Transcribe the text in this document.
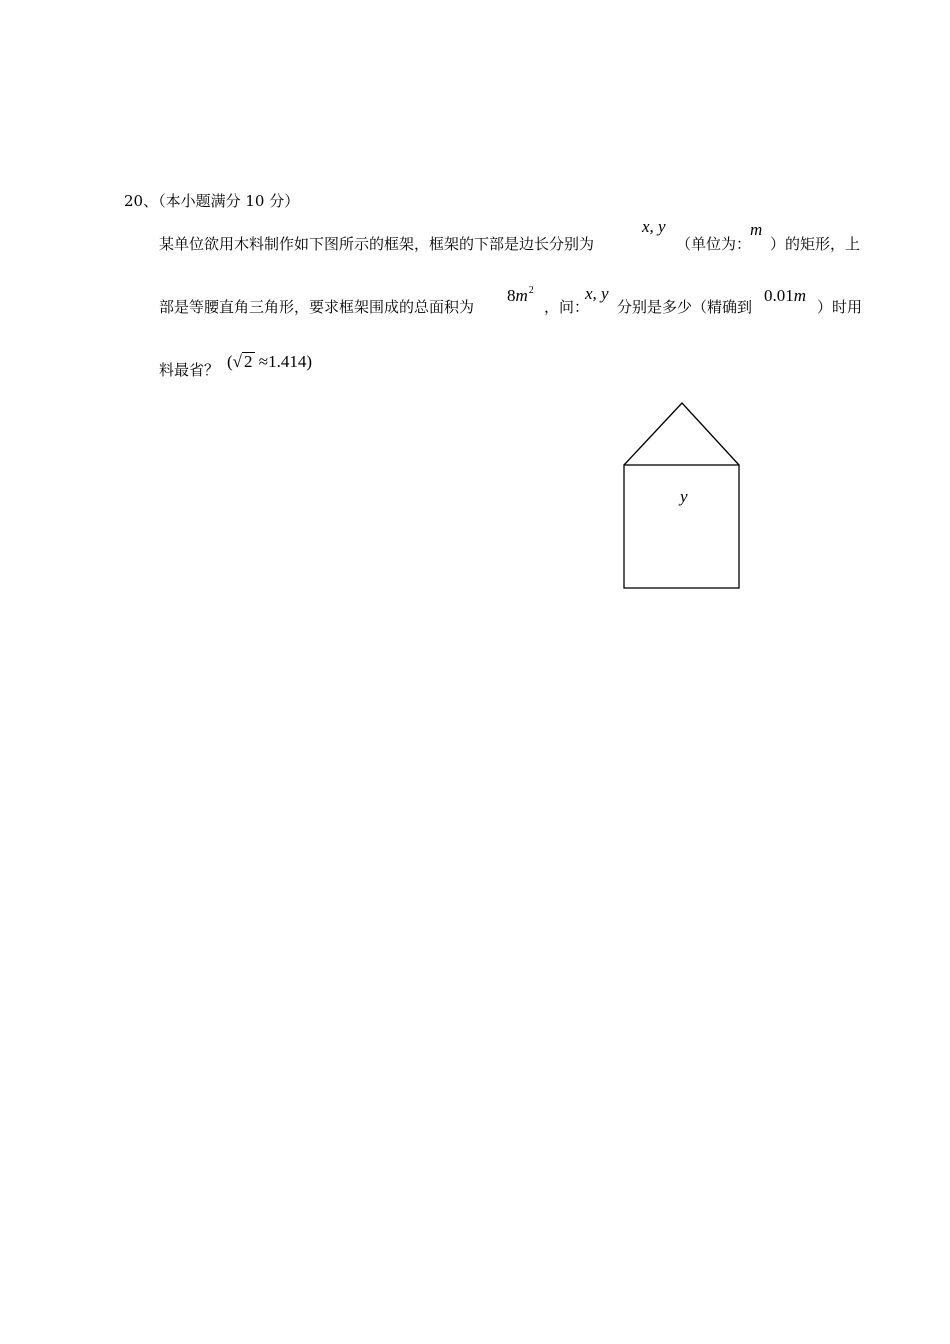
20、（本小题满分 10 分）
某单位欲用木料制作如下图所示的框架，框架的下部是边长分别为
x, y
（单位为：
m
）的矩形，上
部是等腰直角三角形，要求框架围成的总面积为
$8m^2$
，问：
x, y
分别是多少（精确到
0.01m
）时用
料最省？ (√ 2 ≈1.414)
y
